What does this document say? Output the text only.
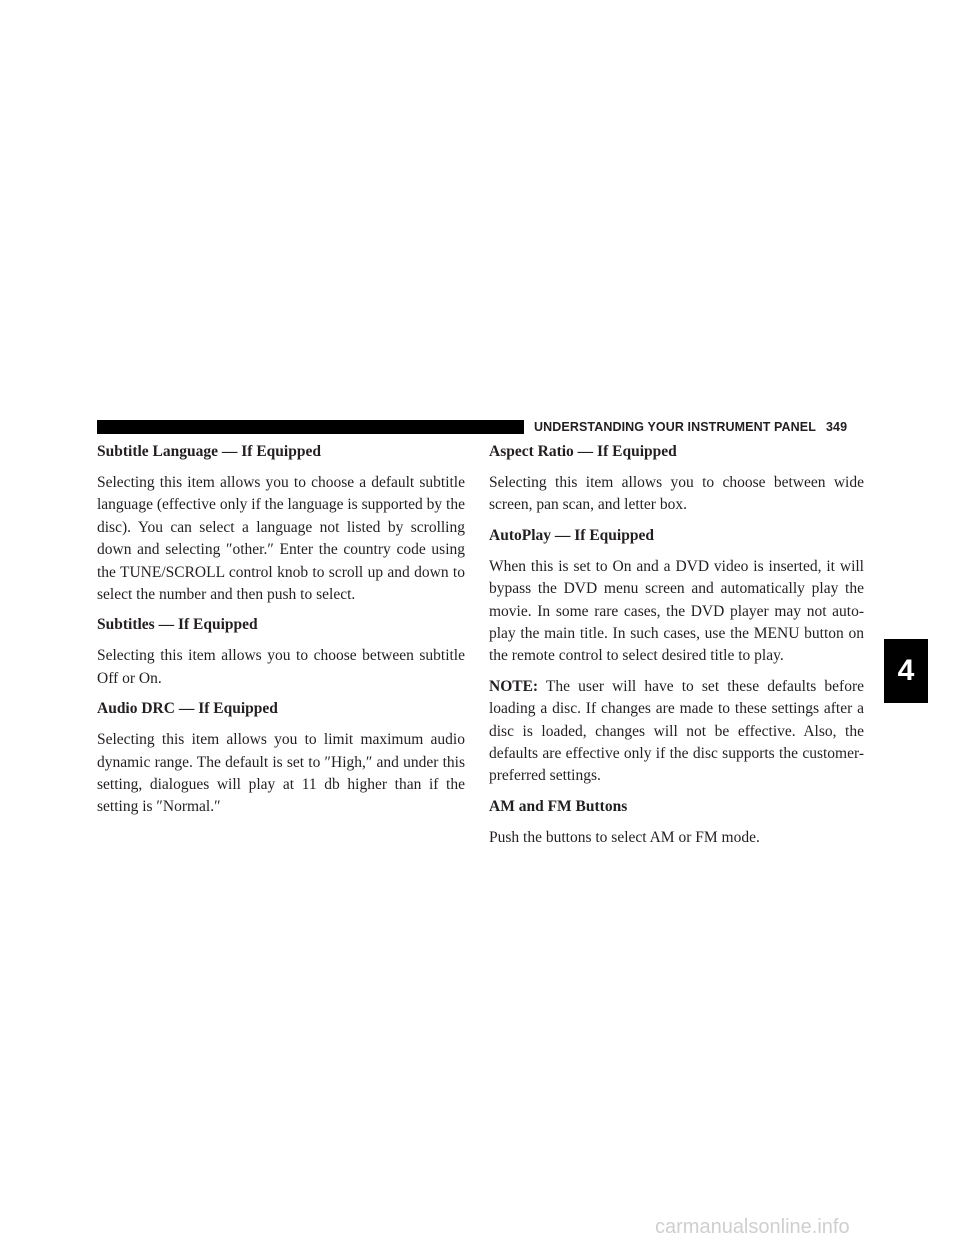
UNDERSTANDING YOUR INSTRUMENT PANEL 349
Subtitle Language — If Equipped

Selecting this item allows you to choose a default subtitle language (effective only if the language is supported by the disc). You can select a language not listed by scrolling down and selecting ″other.″ Enter the country code using the TUNE/SCROLL control knob to scroll up and down to select the number and then push to select.

Subtitles — If Equipped

Selecting this item allows you to choose between subtitle Off or On.

Audio DRC — If Equipped

Selecting this item allows you to limit maximum audio dynamic range. The default is set to ″High,″ and under this setting, dialogues will play at 11 db higher than if the setting is ″Normal.″

Aspect Ratio — If Equipped

Selecting this item allows you to choose between wide screen, pan scan, and letter box.

AutoPlay — If Equipped

When this is set to On and a DVD video is inserted, it will bypass the DVD menu screen and automatically play the movie. In some rare cases, the DVD player may not auto-play the main title. In such cases, use the MENU button on the remote control to select desired title to play.

NOTE: The user will have to set these defaults before loading a disc. If changes are made to these settings after a disc is loaded, changes will not be effective. Also, the defaults are effective only if the disc supports the customer-preferred settings.

AM and FM Buttons

Push the buttons to select AM or FM mode.

4
carmanualsonline.info
